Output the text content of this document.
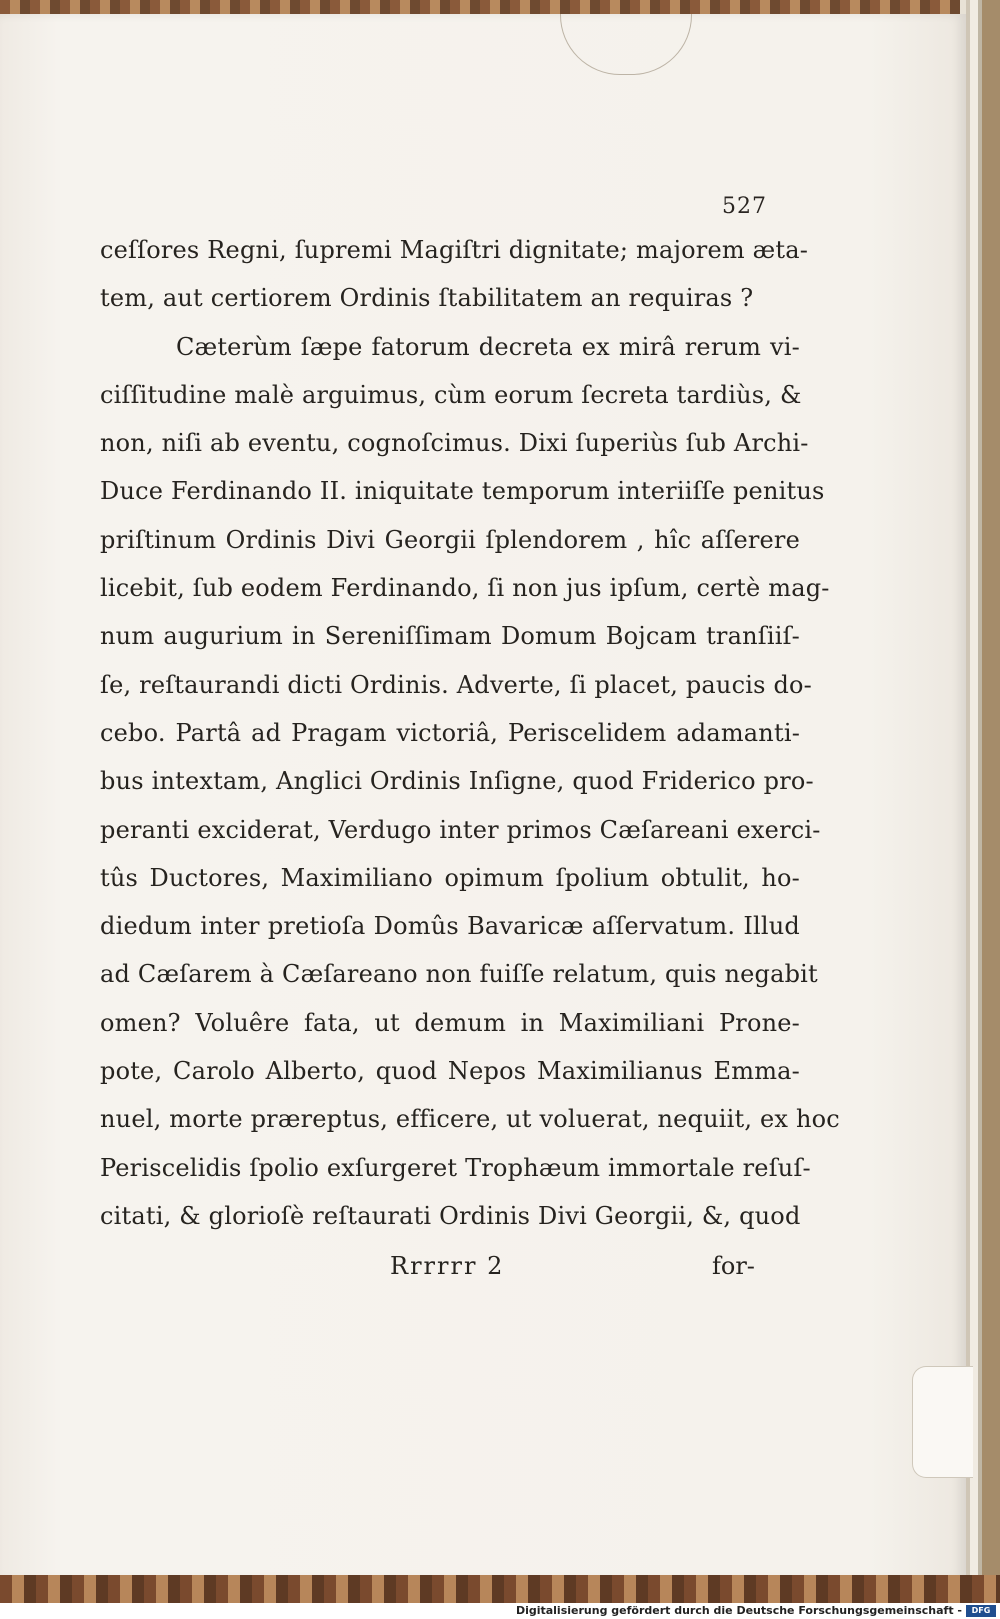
527
ceſſores Regni, ſupremi Magiſtri dignitate; majorem æta-
tem, aut certiorem Ordinis ſtabilitatem an requiras ?
Cæterùm ſæpe fatorum decreta ex mirâ rerum vi-
ciſſitudine malè arguimus, cùm eorum ſecreta tardiùs, &
non, niſi ab eventu, cognoſcimus. Dixi ſuperiùs ſub Archi-
Duce Ferdinando II. iniquitate temporum interiiſſe penitus
priſtinum Ordinis Divi Georgii ſplendorem , hîc aſſerere
licebit, ſub eodem Ferdinando, ſi non jus ipſum, certè mag-
num augurium in Sereniſſimam Domum Bojcam tranſiiſ-
ſe, reſtaurandi dicti Ordinis. Adverte, ſi placet, paucis do-
cebo. Partâ ad Pragam victoriâ, Periscelidem adamanti-
bus intextam, Anglici Ordinis Inſigne, quod Friderico pro-
peranti exciderat, Verdugo inter primos Cæſareani exerci-
tûs Ductores, Maximiliano opimum ſpolium obtulit, ho-
diedum inter pretioſa Domûs Bavaricæ aſſervatum. Illud
ad Cæſarem à Cæſareano non fuiſſe relatum, quis negabit
omen? Voluêre fata, ut demum in Maximiliani Prone-
pote, Carolo Alberto, quod Nepos Maximilianus Emma-
nuel, morte præreptus, efficere, ut voluerat, nequiit, ex hoc
Periscelidis ſpolio exſurgeret Trophæum immortale reſuſ-
citati, & glorioſè reſtaurati Ordinis Divi Georgii, &, quod
Rrrrrr 2	for-
Digitalisierung gefördert durch die Deutsche Forschungsgemeinschaft -	DFG
